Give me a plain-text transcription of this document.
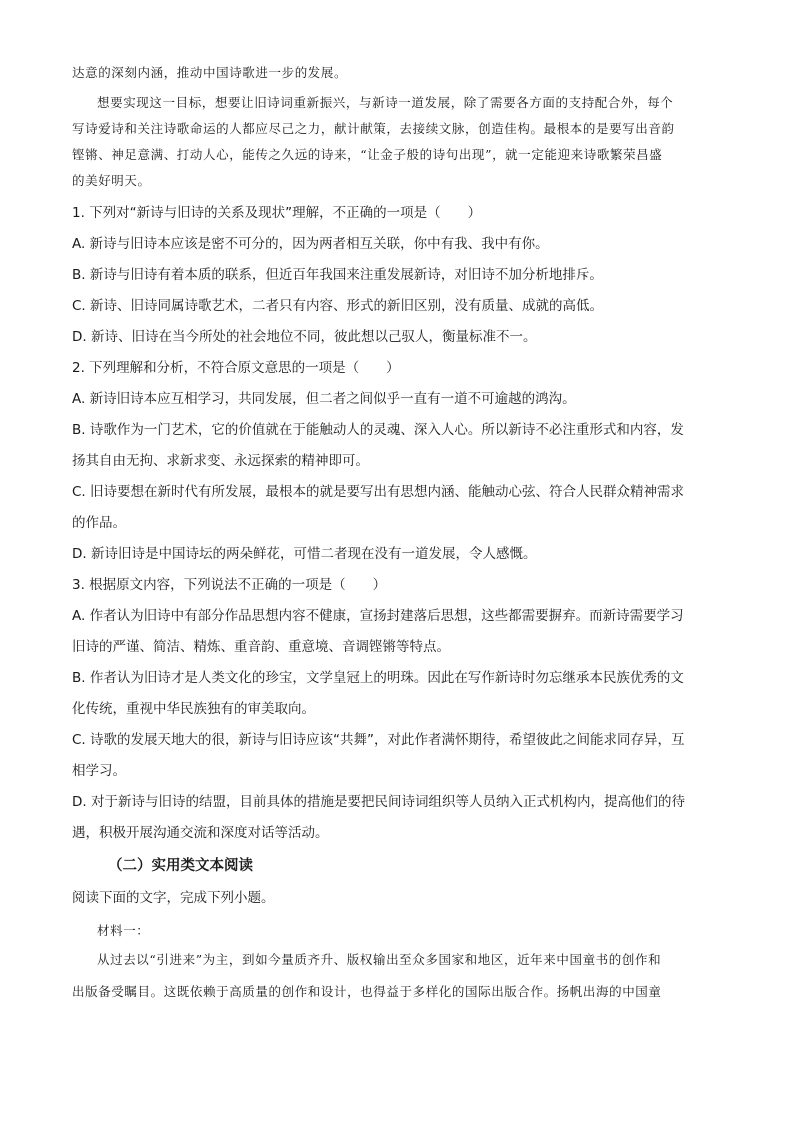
达意的深刻内涵，推动中国诗歌进一步的发展。

想要实现这一目标，想要让旧诗词重新振兴，与新诗一道发展，除了需要各方面的支持配合外，每个

写诗爱诗和关注诗歌命运的人都应尽己之力，献计献策，去接续文脉，创造佳构。最根本的是要写出音韵

铿锵、神足意满、打动人心，能传之久远的诗来，“让金子般的诗句出现”，就一定能迎来诗歌繁荣昌盛

的美好明天。

1. 下列对“新诗与旧诗的关系及现状”理解，不正确的一项是（　　）

A. 新诗与旧诗本应该是密不可分的，因为两者相互关联，你中有我、我中有你。

B. 新诗与旧诗有着本质的联系，但近百年我国来注重发展新诗，对旧诗不加分析地排斥。

C. 新诗、旧诗同属诗歌艺术，二者只有内容、形式的新旧区别，没有质量、成就的高低。

D. 新诗、旧诗在当今所处的社会地位不同，彼此想以己驭人，衡量标准不一。

2. 下列理解和分析，不符合原文意思的一项是（　　）

A. 新诗旧诗本应互相学习，共同发展，但二者之间似乎一直有一道不可逾越的鸿沟。

B. 诗歌作为一门艺术，它的价值就在于能触动人的灵魂、深入人心。所以新诗不必注重形式和内容，发

扬其自由无拘、求新求变、永远探索的精神即可。

C. 旧诗要想在新时代有所发展，最根本的就是要写出有思想内涵、能触动心弦、符合人民群众精神需求

的作品。

D. 新诗旧诗是中国诗坛的两朵鲜花，可惜二者现在没有一道发展，令人感慨。

3. 根据原文内容，下列说法不正确的一项是（　　）

A. 作者认为旧诗中有部分作品思想内容不健康，宣扬封建落后思想，这些都需要摒弃。而新诗需要学习

旧诗的严谨、简洁、精炼、重音韵、重意境、音调铿锵等特点。

B. 作者认为旧诗才是人类文化的珍宝，文学皇冠上的明珠。因此在写作新诗时勿忘继承本民族优秀的文

化传统，重视中华民族独有的审美取向。

C. 诗歌的发展天地大的很，新诗与旧诗应该“共舞”，对此作者满怀期待，希望彼此之间能求同存异，互

相学习。

D. 对于新诗与旧诗的结盟，目前具体的措施是要把民间诗词组织等人员纳入正式机构内，提高他们的待

遇，积极开展沟通交流和深度对话等活动。

（二）实用类文本阅读

阅读下面的文字，完成下列小题。

材料一：

从过去以“引进来”为主，到如今量质齐升、版权输出至众多国家和地区，近年来中国童书的创作和

出版备受瞩目。这既依赖于高质量的创作和设计，也得益于多样化的国际出版合作。扬帆出海的中国童
